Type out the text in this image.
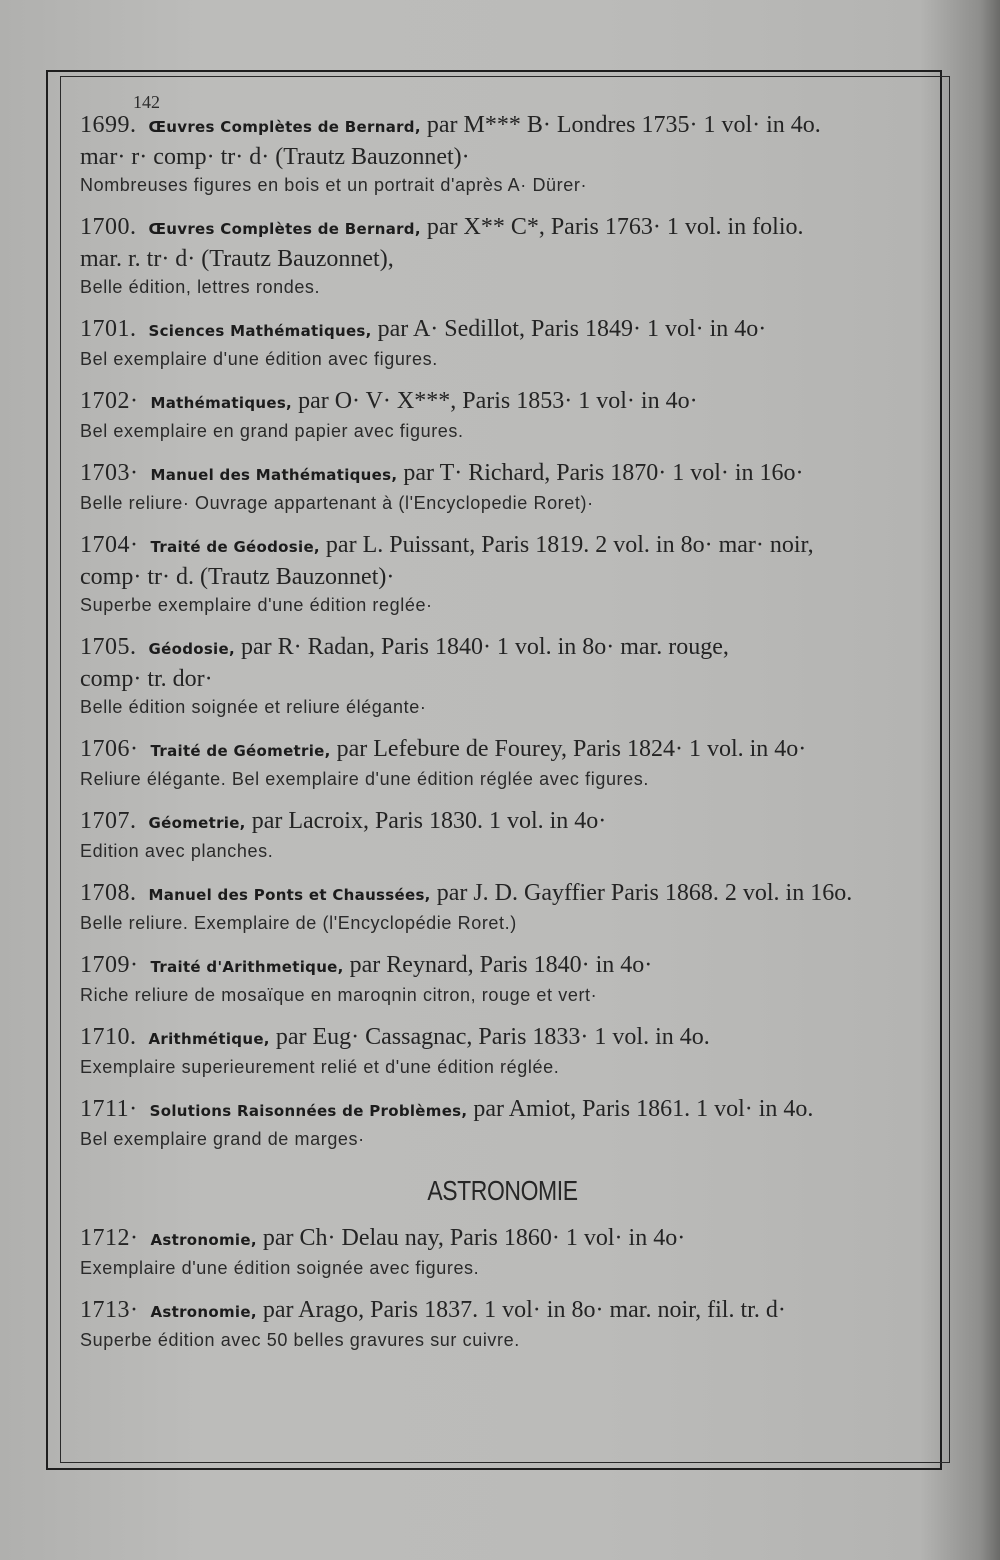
142
1699. Œuvres Complètes de Bernard, par M*** B· Londres 1735· 1 vol· in 4o.
mar· r· comp· tr· d· (Trautz Bauzonnet)·
Nombreuses figures en bois et un portrait d'après A· Dürer·
1700. Œuvres Complètes de Bernard, par X** C*, Paris 1763· 1 vol. in folio.
mar. r. tr· d· (Trautz Bauzonnet),
Belle édition, lettres rondes.
1701. Sciences Mathématiques, par A· Sedillot, Paris 1849· 1 vol· in 4o·
Bel exemplaire d'une édition avec figures.
1702· Mathématiques, par O· V· X***, Paris 1853· 1 vol· in 4o·
Bel exemplaire en grand papier avec figures.
1703· Manuel des Mathématiques, par T· Richard, Paris 1870· 1 vol· in 16o·
Belle reliure· Ouvrage appartenant à (l'Encyclopedie Roret)·
1704· Traité de Géodosie, par L. Puissant, Paris 1819. 2 vol. in 8o· mar· noir,
comp· tr· d. (Trautz Bauzonnet)·
Superbe exemplaire d'une édition reglée·
1705. Géodosie, par R· Radan, Paris 1840· 1 vol. in 8o· mar. rouge,
comp· tr. dor·
Belle édition soignée et reliure élégante·
1706· Traité de Géometrie, par Lefebure de Fourey, Paris 1824· 1 vol. in 4o·
Reliure élégante. Bel exemplaire d'une édition réglée avec figures.
1707. Géometrie, par Lacroix, Paris 1830. 1 vol. in 4o·
Edition avec planches.
1708. Manuel des Ponts et Chaussées, par J. D. Gayffier Paris 1868. 2 vol. in 16o.
Belle reliure. Exemplaire de (l'Encyclopédie Roret.)
1709· Traité d'Arithmetique, par Reynard, Paris 1840· in 4o·
Riche reliure de mosaïque en maroqnin citron, rouge et vert·
1710. Arithmétique, par Eug· Cassagnac, Paris 1833· 1 vol. in 4o.
Exemplaire superieurement relié et d'une édition réglée.
1711· Solutions Raisonnées de Problèmes, par Amiot, Paris 1861. 1 vol· in 4o.
Bel exemplaire grand de marges·
ASTRONOMIE
1712· Astronomie, par Ch· Delau nay, Paris 1860· 1 vol· in 4o·
Exemplaire d'une édition soignée avec figures.
1713· Astronomie, par Arago, Paris 1837. 1 vol· in 8o· mar. noir, fil. tr. d·
Superbe édition avec 50 belles gravures sur cuivre.
